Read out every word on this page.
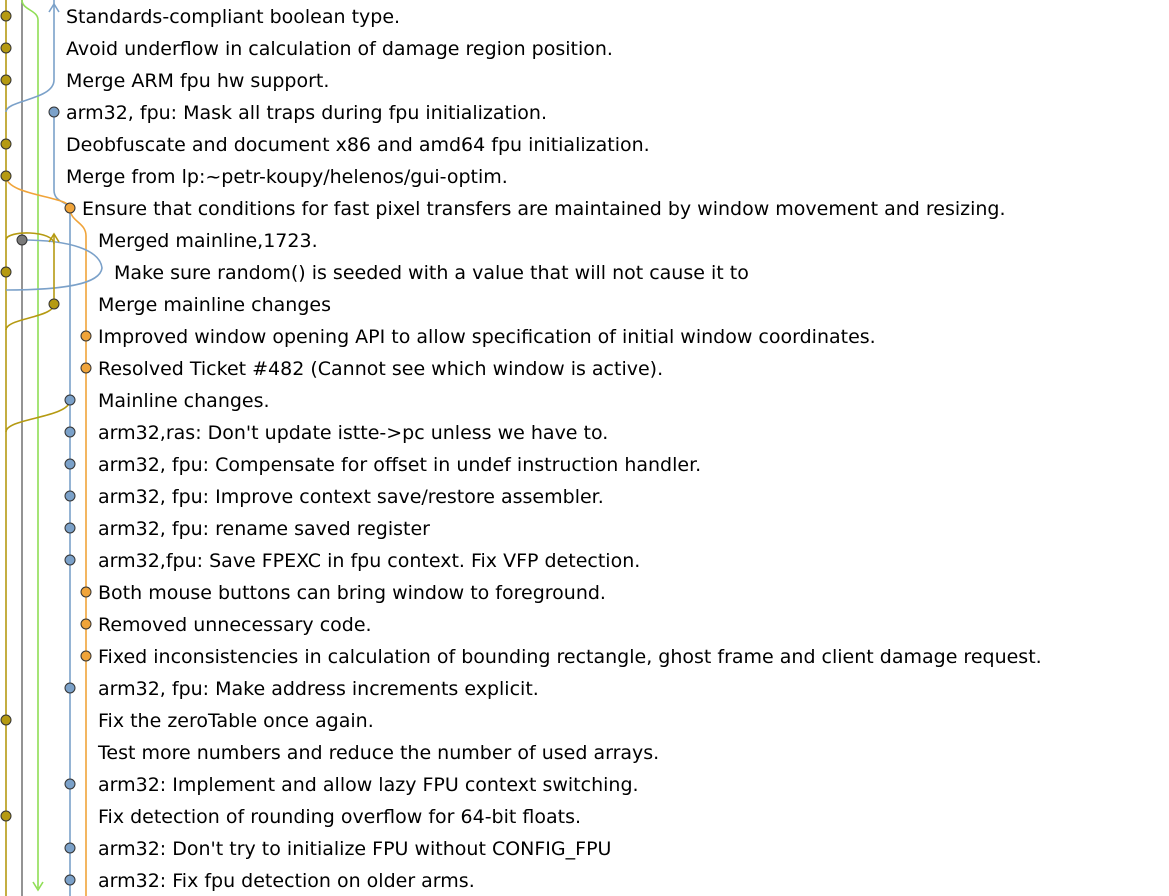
Standards-compliant boolean type.
Avoid underflow in calculation of damage region position.
Merge ARM fpu hw support.
arm32, fpu: Mask all traps during fpu initialization.
Deobfuscate and document x86 and amd64 fpu initialization.
Merge from lp:~petr-koupy/helenos/gui-optim.
Ensure that conditions for fast pixel transfers are maintained by window movement and resizing.
Merged mainline,1723.
Make sure random() is seeded with a value that will not cause it to
Merge mainline changes
Improved window opening API to allow specification of initial window coordinates.
Resolved Ticket #482 (Cannot see which window is active).
Mainline changes.
arm32,ras: Don't update istte->pc unless we have to.
arm32, fpu: Compensate for offset in undef instruction handler.
arm32, fpu: Improve context save/restore assembler.
arm32, fpu: rename saved register
arm32,fpu: Save FPEXC in fpu context. Fix VFP detection.
Both mouse buttons can bring window to foreground.
Removed unnecessary code.
Fixed inconsistencies in calculation of bounding rectangle, ghost frame and client damage request.
arm32, fpu: Make address increments explicit.
Fix the zeroTable once again.
Test more numbers and reduce the number of used arrays.
arm32: Implement and allow lazy FPU context switching.
Fix detection of rounding overflow for 64-bit floats.
arm32: Don't try to initialize FPU without CONFIG_FPU
arm32: Fix fpu detection on older arms.
